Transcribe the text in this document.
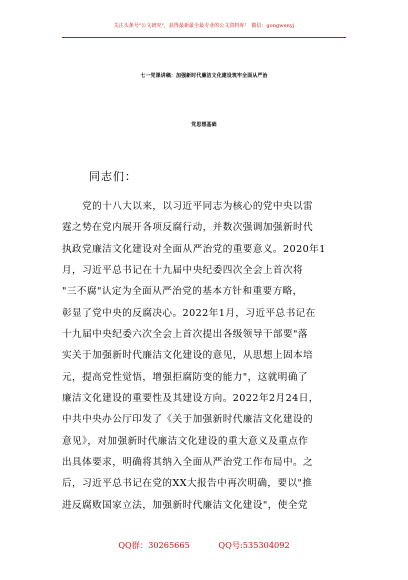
关注头条号"公文研究"，获得最新最全最专业的公文资料库！ 微信：gongwenyj
七一党课讲稿：加强新时代廉洁文化建设筑牢全面从严治
党思想基础
同志们：
　　党的十八大以来，以习近平同志为核心的党中央以雷
霆之势在党内展开各项反腐行动，并数次强调加强新时代
执政党廉洁文化建设对全面从严治党的重要意义。2020年1
月，习近平总书记在十九届中央纪委四次全会上首次将
"三不腐"认定为全面从严治党的基本方针和重要方略，
彰显了党中央的反腐决心。2022年1月，习近平总书记在
十九届中央纪委六次全会上首次提出各级领导干部要"落
实关于加强新时代廉洁文化建设的意见，从思想上固本培
元，提高党性觉悟，增强拒腐防变的能力"，这就明确了
廉洁文化建设的重要性及其建设方向。2022年2月24日，
中共中央办公厅印发了《关于加强新时代廉洁文化建设的
意见》，对加强新时代廉洁文化建设的重大意义及重点作
出具体要求，明确将其纳入全面从严治党工作布局中。之
后，习近平总书记在党的XX大报告中再次明确，要以"推
进反腐败国家立法，加强新时代廉洁文化建设"，使全党
QQ群：30265665	QQ号:535304092
